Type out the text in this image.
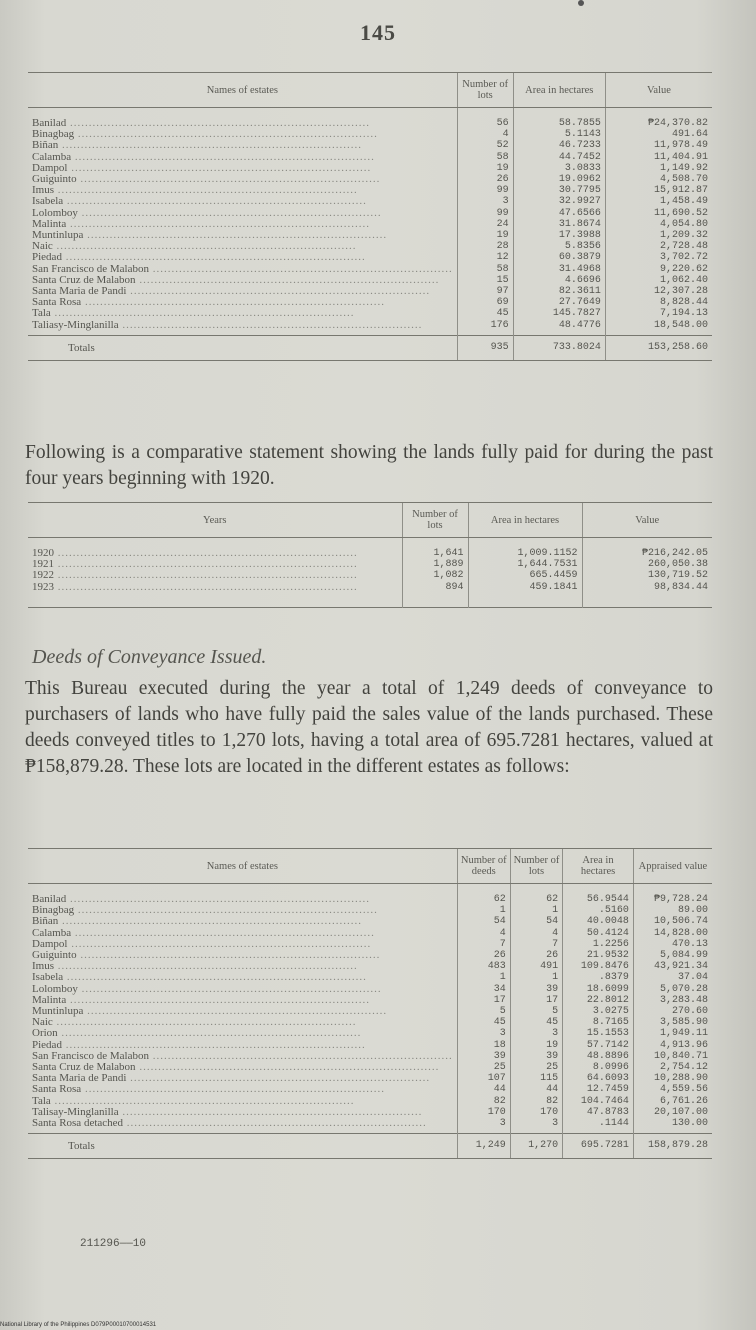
145
Names of estates	Number of lots	Area in hectares	Value

Banilad ................................................................................	56	58.7855	₱24,370.82
Binagbag ................................................................................	4	5.1143	491.64
Biñan ................................................................................	52	46.7233	11,978.49
Calamba ................................................................................	58	44.7452	11,404.91
Dampol ................................................................................	19	3.0833	1,149.92
Guiguinto ................................................................................	26	19.0962	4,508.70
Imus ................................................................................	99	30.7795	15,912.87
Isabela ................................................................................	3	32.9927	1,458.49
Lolomboy ................................................................................	99	47.6566	11,690.52
Malinta ................................................................................	24	31.8674	4,054.80
Muntinlupa ................................................................................	19	17.3988	1,209.32
Naic ................................................................................	28	5.8356	2,728.48
Piedad ................................................................................	12	60.3879	3,702.72
San Francisco de Malabon ................................................................................	58	31.4968	9,220.62
Santa Cruz de Malabon ................................................................................	15	4.6696	1,062.40
Santa Maria de Pandi ................................................................................	97	82.3611	12,307.28
Santa Rosa ................................................................................	69	27.7649	8,828.44
Tala ................................................................................	45	145.7827	7,194.13
Taliasy-Minglanilla ................................................................................	176	48.4776	18,548.00
Totals	935	733.8024	153,258.60
Following is a comparative statement showing the lands fully paid for during the past four years beginning with 1920.
Years	Number of lots	Area in hectares	Value

1920 ................................................................................	1,641	1,009.1152	₱216,242.05
1921 ................................................................................	1,889	1,644.7531	260,050.38
1922 ................................................................................	1,082	665.4459	130,719.52
1923 ................................................................................	894	459.1841	98,834.44

Deeds of Conveyance Issued.
This Bureau executed during the year a total of 1,249 deeds of conveyance to purchasers of lands who have fully paid the sales value of the lands purchased. These deeds conveyed titles to 1,270 lots, having a total area of 695.7281 hectares, valued at ₱158,879.28. These lots are located in the different estates as follows:
Names of estates	Number of deeds	Number of lots	Area in hectares	Appraised value

Banilad ................................................................................	62	62	56.9544	₱9,728.24
Binagbag ................................................................................	1	1	.5160	89.00
Biñan ................................................................................	54	54	40.0048	10,506.74
Calamba ................................................................................	4	4	50.4124	14,828.00
Dampol ................................................................................	7	7	1.2256	470.13
Guiguinto ................................................................................	26	26	21.9532	5,084.99
Imus ................................................................................	483	491	109.8476	43,921.34
Isabela ................................................................................	1	1	.8379	37.04
Lolomboy ................................................................................	34	39	18.6099	5,070.28
Malinta ................................................................................	17	17	22.8012	3,283.48
Muntinlupa ................................................................................	5	5	3.0275	270.60
Naic ................................................................................	45	45	8.7165	3,585.90
Orion ................................................................................	3	3	15.1553	1,949.11
Piedad ................................................................................	18	19	57.7142	4,913.96
San Francisco de Malabon ................................................................................	39	39	48.8896	10,840.71
Santa Cruz de Malabon ................................................................................	25	25	8.0996	2,754.12
Santa Maria de Pandi ................................................................................	107	115	64.6093	10,288.90
Santa Rosa ................................................................................	44	44	12.7459	4,559.56
Tala ................................................................................	82	82	104.7464	6,761.26
Talisay-Minglanilla ................................................................................	170	170	47.8783	20,107.00
Santa Rosa detached ................................................................................	3	3	.1144	130.00
Totals	1,249	1,270	695.7281	158,879.28
211296——10
National Library of the Philippines D079P00010700014531
